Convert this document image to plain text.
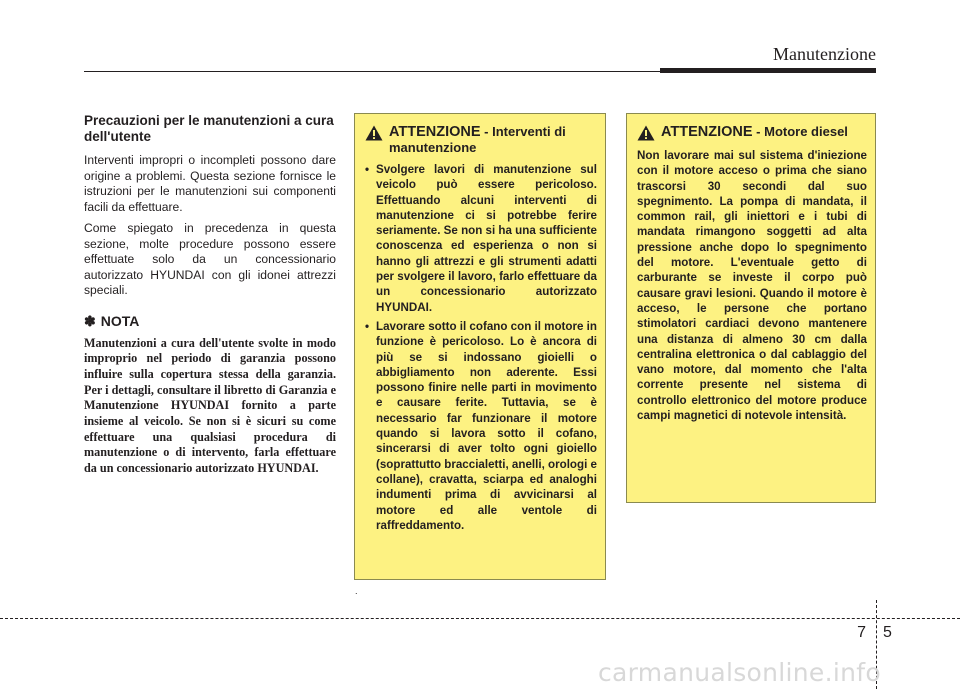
Manutenzione
Precauzioni per le manutenzioni a cura dell'utente

Interventi impropri o incompleti possono dare origine a problemi. Questa sezione fornisce le istruzioni per le manutenzioni sui componenti facili da effettuare.

Come spiegato in precedenza in questa sezione, molte procedure possono essere effettuate solo da un concessionario autorizzato HYUNDAI con gli idonei attrezzi speciali.

✽ NOTA

Manutenzioni a cura dell'utente svolte in modo improprio nel periodo di garanzia possono influire sulla copertura stessa della garanzia. Per i dettagli, consultare il libretto di Garanzia e Manutenzione HYUNDAI fornito a parte insieme al veicolo. Se non si è sicuri su come effettuare una qualsiasi procedura di manutenzione o di intervento, farla effettuare da un concessionario autorizzato HYUNDAI.

ATTENZIONE - Interventi di manutenzione
• Svolgere lavori di manutenzione sul veicolo può essere pericoloso. Effettuando alcuni interventi di manutenzione ci si potrebbe ferire seriamente. Se non si ha una sufficiente conoscenza ed esperienza o non si hanno gli attrezzi e gli strumenti adatti per svolgere il lavoro, farlo effettuare da un concessionario autorizzato HYUNDAI.
• Lavorare sotto il cofano con il motore in funzione è pericoloso. Lo è ancora di più se si indossano gioielli o abbigliamento non aderente. Essi possono finire nelle parti in movimento e causare ferite. Tuttavia, se è necessario far funzionare il motore quando si lavora sotto il cofano, sincerarsi di aver tolto ogni gioiello (soprattutto braccialetti, anelli, orologi e collane), cravatta, sciarpa ed analoghi indumenti prima di avvicinarsi al motore ed alle ventole di raffreddamento.
ATTENZIONE - Motore diesel

Non lavorare mai sul sistema d'iniezione con il motore acceso o prima che siano trascorsi 30 secondi dal suo spegnimento. La pompa di mandata, il common rail, gli iniettori e i tubi di mandata rimangono soggetti ad alta pressione anche dopo lo spegnimento del motore. L'eventuale getto di carburante se investe il corpo può causare gravi lesioni. Quando il motore è acceso, le persone che portano stimolatori cardiaci devono mantenere una distanza di almeno 30 cm dalla centralina elettronica o dal cablaggio del vano motore, dal momento che l'alta corrente presente nel sistema di controllo elettronico del motore produce campi magnetici di notevole intensità.

.
7 5
carmanualsonline.info
